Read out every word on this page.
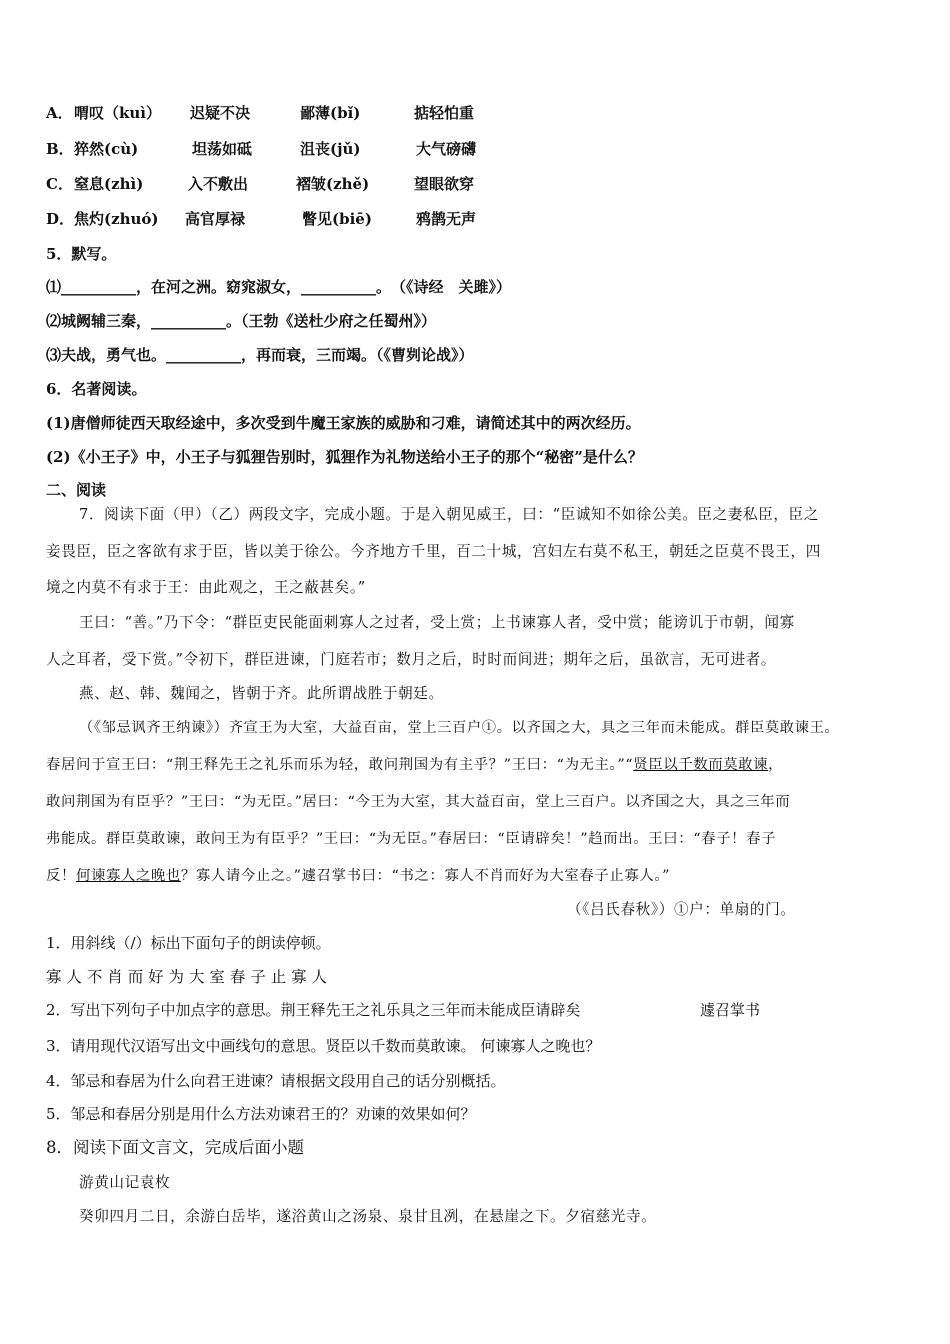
A． 喟叹（kuì） 迟疑不决	鄙薄(bǐ)	掂轻怕重
B． 猝然(cù)	坦荡如砥	沮丧(jǔ)	大气磅礴
C． 窒息(zhì)	入不敷出	褶皱(zhě)	望眼欲穿
D． 焦灼(zhuó) 高官厚禄	瞥见(biē)	鸦鹊无声
5．默写。
⑴__________，在河之洲。窈窕淑女，__________。　（《诗经　关雎》）
⑵城阙辅三秦，__________。（王勃《送杜少府之任蜀州》）
⑶夫战，勇气也。__________，再而衰，三而竭。（《曹刿论战》）
6．名著阅读。
(1)唐僧师徒西天取经途中，多次受到牛魔王家族的威胁和刁难，请简述其中的两次经历。
(2)《小王子》中，小王子与狐狸告别时，狐狸作为礼物送给小王子的那个“秘密”是什么？
二、阅读
7．阅读下面（甲）（乙）两段文字，完成小题。于是入朝见威王，曰：“臣诚知不如徐公美。臣之妻私臣，臣之
妾畏臣，臣之客欲有求于臣，皆以美于徐公。今齐地方千里，百二十城，宫妇左右莫不私王，朝廷之臣莫不畏王，四
境之内莫不有求于王：由此观之，王之蔽甚矣。”
王曰：“善。”乃下令：“群臣吏民能面刺寡人之过者，受上赏；上书谏寡人者，受中赏；能谤讥于市朝，闻寡
人之耳者，受下赏。”令初下，群臣进谏，门庭若市；数月之后，时时而间进；期年之后，虽欲言，无可进者。
燕、赵、韩、魏闻之，皆朝于齐。此所谓战胜于朝廷。
（《邹忌讽齐王纳谏》）齐宣王为大室，大益百亩，堂上三百户①。以齐国之大，具之三年而未能成。群臣莫敢谏王。
春居问于宣王曰：“荆王释先王之礼乐而乐为轻，敢问荆国为有主乎？”王曰：“为无主。”“贤臣以千数而莫敢谏，
敢问荆国为有臣乎？”王曰：“为无臣。”居曰：“今王为大室，其大益百亩，堂上三百户。以齐国之大，具之三年而
弗能成。群臣莫敢谏，敢问王为有臣乎？”王曰：“为无臣。”春居曰：“臣请辟矣！”趋而出。王曰：“春子！春子
反！何谏寡人之晚也？寡人请今止之。”遽召掌书曰：“书之：寡人不肖而好为大室春子止寡人。”
（《吕氏春秋》）①户：单扇的门。
1．用斜线（/）标出下面句子的朗读停顿。
寡 人 不 肖 而 好 为 大 室 春 子 止 寡 人
2．写出下列句子中加点字的意思。荆王释先王之礼乐具之三年而未能成臣请辟矣	遽召掌书
3．请用现代汉语写出文中画线句的意思。贤臣以千数而莫敢谏。 何谏寡人之晚也？
4．邹忌和春居为什么向君王进谏？请根据文段用自己的话分别概括。
5．邹忌和春居分别是用什么方法劝谏君王的？劝谏的效果如何？
8．阅读下面文言文，完成后面小题
游黄山记袁枚
癸卯四月二日，余游白岳毕，遂浴黄山之汤泉、泉甘且冽，在悬崖之下。夕宿慈光寺。
